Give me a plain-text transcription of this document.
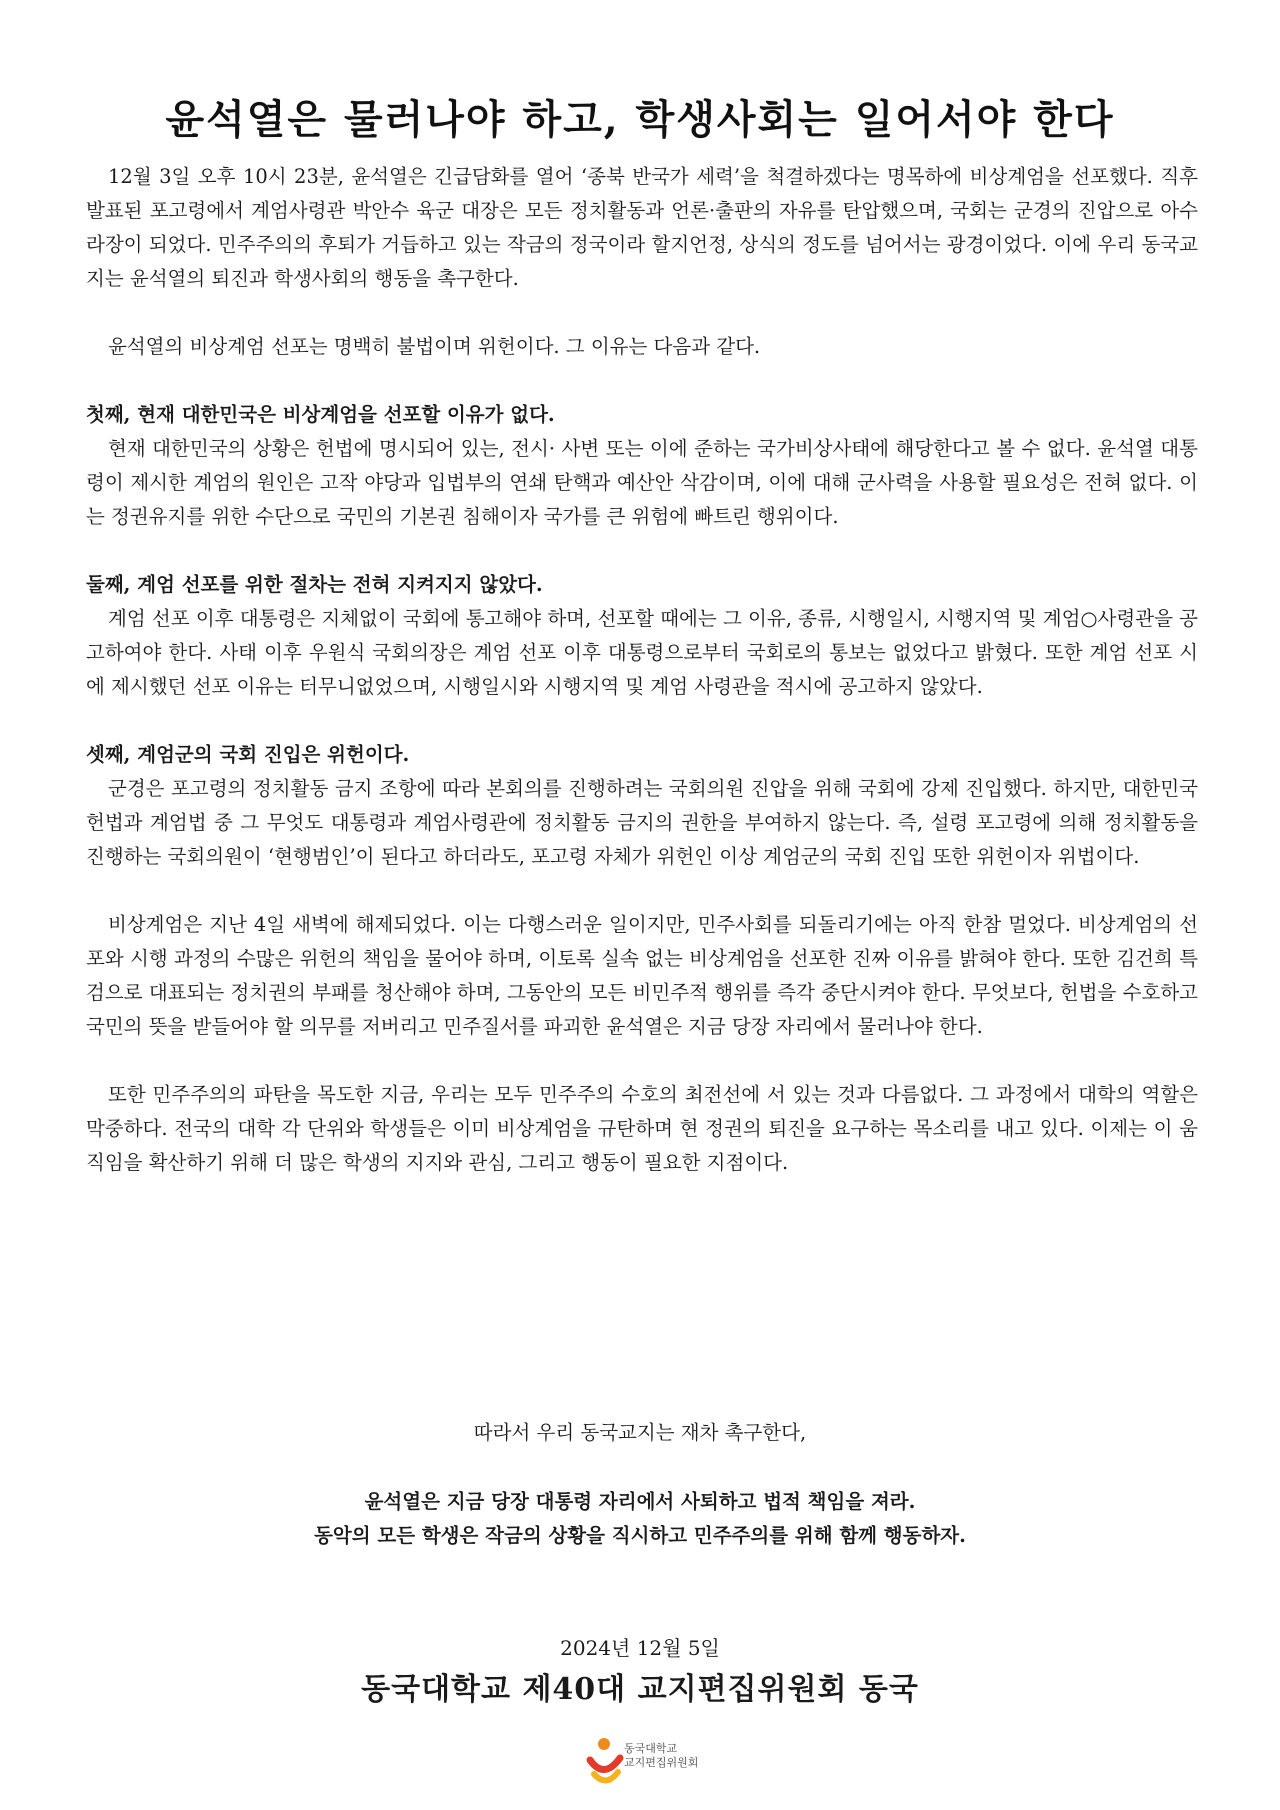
윤석열은 물러나야 하고, 학생사회는 일어서야 한다

12월 3일 오후 10시 23분, 윤석열은 긴급담화를 열어 ‘종북 반국가 세력’을 척결하겠다는 명목하에 비상계엄을 선포했다. 직후 발표된 포고령에서 계엄사령관 박안수 육군 대장은 모든 정치활동과 언론·출판의 자유를 탄압했으며, 국회는 군경의 진압으로 아수라장이 되었다. 민주주의의 후퇴가 거듭하고 있는 작금의 정국이라 할지언정, 상식의 정도를 넘어서는 광경이었다. 이에 우리 동국교지는 윤석열의 퇴진과 학생사회의 행동을 촉구한다.

윤석열의 비상계엄 선포는 명백히 불법이며 위헌이다. 그 이유는 다음과 같다.

첫째, 현재 대한민국은 비상계엄을 선포할 이유가 없다.

현재 대한민국의 상황은 헌법에 명시되어 있는, 전시· 사변 또는 이에 준하는 국가비상사태에 해당한다고 볼 수 없다. 윤석열 대통령이 제시한 계엄의 원인은 고작 야당과 입법부의 연쇄 탄핵과 예산안 삭감이며, 이에 대해 군사력을 사용할 필요성은 전혀 없다. 이는 정권유지를 위한 수단으로 국민의 기본권 침해이자 국가를 큰 위험에 빠트린 행위이다.

둘째, 계엄 선포를 위한 절차는 전혀 지켜지지 않았다.

계엄 선포 이후 대통령은 지체없이 국회에 통고해야 하며, 선포할 때에는 그 이유, 종류, 시행일시, 시행지역 및 계엄○사령관을 공고하여야 한다. 사태 이후 우원식 국회의장은 계엄 선포 이후 대통령으로부터 국회로의 통보는 없었다고 밝혔다. 또한 계엄 선포 시에 제시했던 선포 이유는 터무니없었으며, 시행일시와 시행지역 및 계엄 사령관을 적시에 공고하지 않았다.

셋째, 계엄군의 국회 진입은 위헌이다.

군경은 포고령의 정치활동 금지 조항에 따라 본회의를 진행하려는 국회의원 진압을 위해 국회에 강제 진입했다. 하지만, 대한민국 헌법과 계엄법 중 그 무엇도 대통령과 계엄사령관에 정치활동 금지의 권한을 부여하지 않는다. 즉, 설령 포고령에 의해 정치활동을 진행하는 국회의원이 ‘현행범인’이 된다고 하더라도, 포고령 자체가 위헌인 이상 계엄군의 국회 진입 또한 위헌이자 위법이다.

비상계엄은 지난 4일 새벽에 해제되었다. 이는 다행스러운 일이지만, 민주사회를 되돌리기에는 아직 한참 멀었다. 비상계엄의 선포와 시행 과정의 수많은 위헌의 책임을 물어야 하며, 이토록 실속 없는 비상계엄을 선포한 진짜 이유를 밝혀야 한다. 또한 김건희 특검으로 대표되는 정치권의 부패를 청산해야 하며, 그동안의 모든 비민주적 행위를 즉각 중단시켜야 한다. 무엇보다, 헌법을 수호하고 국민의 뜻을 받들어야 할 의무를 저버리고 민주질서를 파괴한 윤석열은 지금 당장 자리에서 물러나야 한다.

또한 민주주의의 파탄을 목도한 지금, 우리는 모두 민주주의 수호의 최전선에 서 있는 것과 다름없다. 그 과정에서 대학의 역할은 막중하다. 전국의 대학 각 단위와 학생들은 이미 비상계엄을 규탄하며 현 정권의 퇴진을 요구하는 목소리를 내고 있다. 이제는 이 움직임을 확산하기 위해 더 많은 학생의 지지와 관심, 그리고 행동이 필요한 지점이다.

따라서 우리 동국교지는 재차 촉구한다,
윤석열은 지금 당장 대통령 자리에서 사퇴하고 법적 책임을 져라.
동악의 모든 학생은 작금의 상황을 직시하고 민주주의를 위해 함께 행동하자.
2024년 12월 5일
동국대학교 제40대 교지편집위원회 동국
동국대학교
교지편집위원회
